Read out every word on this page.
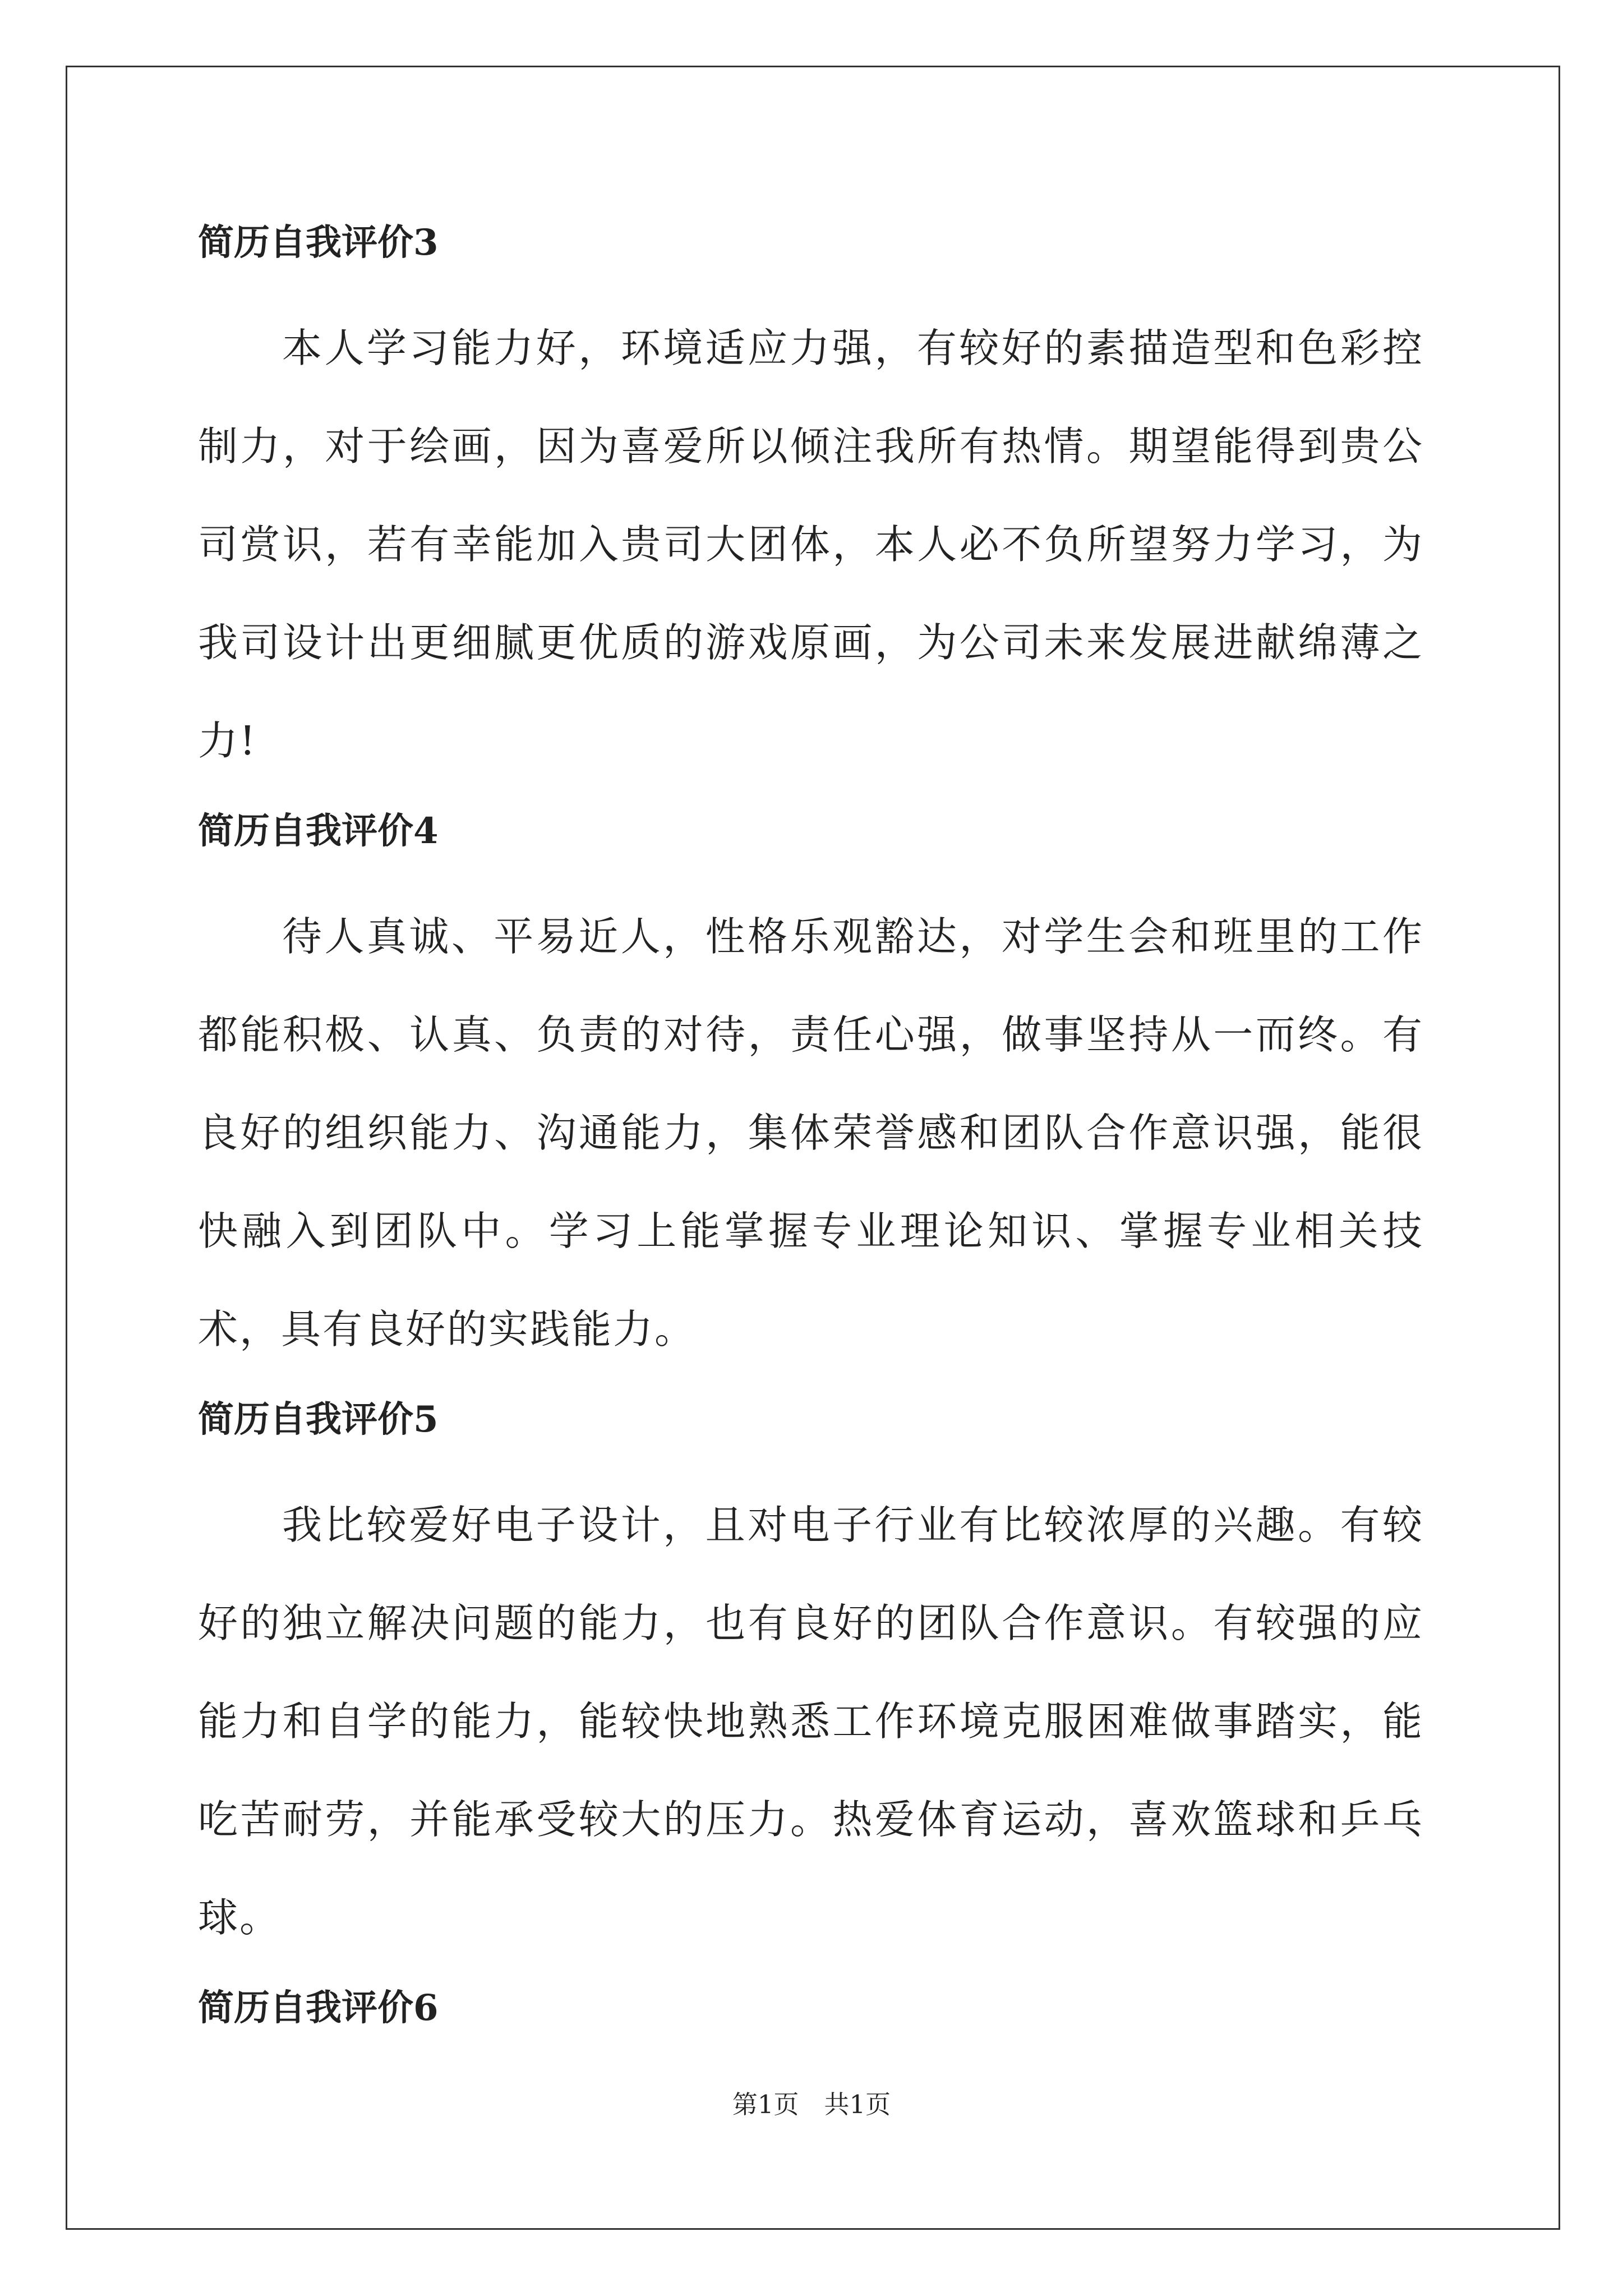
简历自我评价3

本人学习能力好，环境适应力强，有较好的素描造型和色彩控制力，对于绘画，因为喜爱所以倾注我所有热情。期望能得到贵公司赏识，若有幸能加入贵司大团体，本人必不负所望努力学习，为我司设计出更细腻更优质的游戏原画，为公司未来发展进献绵薄之力!

简历自我评价4

待人真诚、平易近人，性格乐观豁达，对学生会和班里的工作都能积极、认真、负责的对待，责任心强，做事坚持从一而终。有良好的组织能力、沟通能力，集体荣誉感和团队合作意识强，能很快融入到团队中。学习上能掌握专业理论知识、掌握专业相关技术，具有良好的实践能力。

简历自我评价5

我比较爱好电子设计，且对电子行业有比较浓厚的兴趣。有较好的独立解决问题的能力，也有良好的团队合作意识。有较强的应能力和自学的能力，能较快地熟悉工作环境克服困难做事踏实，能吃苦耐劳，并能承受较大的压力。热爱体育运动，喜欢篮球和乒乓球。

简历自我评价6
第1页　共1页
